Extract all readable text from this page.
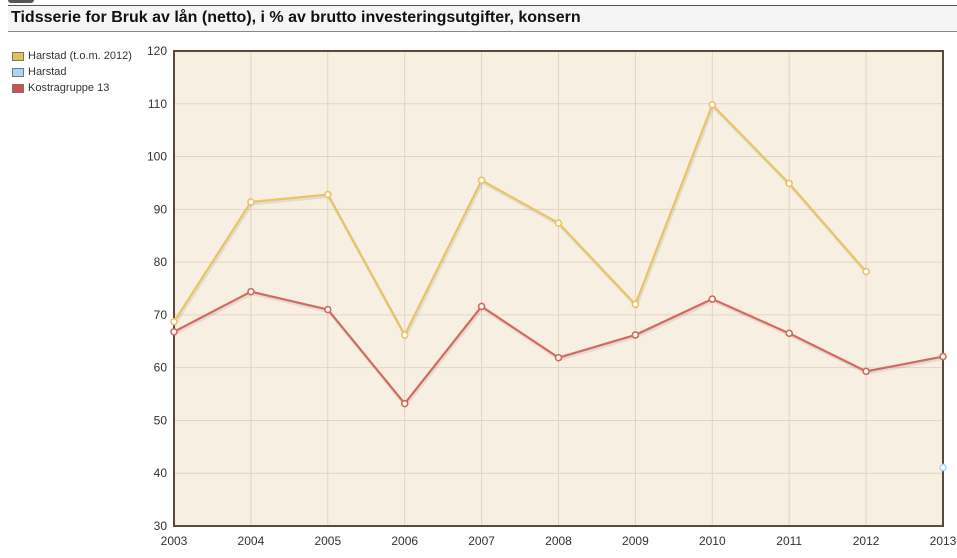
Tidsserie for Bruk av lån (netto), i % av brutto investeringsutgifter, konsern
Harstad (t.o.m. 2012)
Harstad
Kostragruppe 13
30
40
50
60
70
80
90
100
110
120
2003	2004	2005	2006	2007	2008	2009	2010	2011	2012	2013
